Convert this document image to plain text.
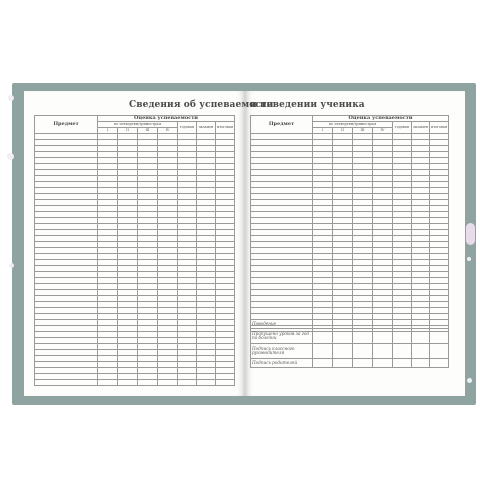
Сведения об успеваемости
и поведении ученика
Предмет	Оценка успеваемости						
	по четвертям/триместрам				годовая	экзамен	итоговая
	I	II	III	IV			

Предмет	Оценка успеваемости						
	по четвертям/триместрам				годовая	экзамен	итоговая
	I	II	III	IV			

Поведение							
Пропущено уроков за год по болезни							
Подпись классного руководителя							
Подпись родителей							
